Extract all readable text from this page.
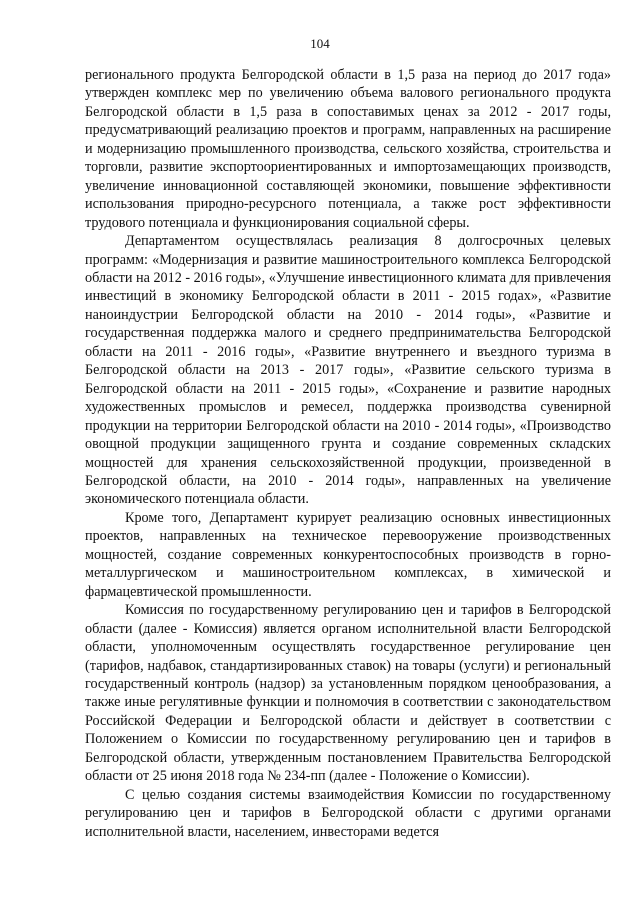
104

регионального продукта Белгородской области в 1,5 раза на период до 2017 года» утвержден комплекс мер по увеличению объема валового регионального продукта Белгородской области в 1,5 раза в сопоставимых ценах за 2012 - 2017 годы, предусматривающий реализацию проектов и программ, направленных на расширение и модернизацию промышленного производства, сельского хозяйства, строительства и торговли, развитие экспортоориентированных и импортозамещающих производств, увеличение инновационной составляющей экономики, повышение эффективности использования природно-ресурсного потенциала, а также рост эффективности трудового потенциала и функционирования социальной сферы.

Департаментом осуществлялась реализация 8 долгосрочных целевых программ: «Модернизация и развитие машиностроительного комплекса Белгородской области на 2012 - 2016 годы», «Улучшение инвестиционного климата для привлечения инвестиций в экономику Белгородской области в 2011 - 2015 годах», «Развитие наноиндустрии Белгородской области на 2010 - 2014 годы», «Развитие и государственная поддержка малого и среднего предпринимательства Белгородской области на 2011 - 2016 годы», «Развитие внутреннего и въездного туризма в Белгородской области на 2013 - 2017 годы», «Развитие сельского туризма в Белгородской области на 2011 - 2015 годы», «Сохранение и развитие народных художественных промыслов и ремесел, поддержка производства сувенирной продукции на территории Белгородской области на 2010 - 2014 годы», «Производство овощной продукции защищенного грунта и создание современных складских мощностей для хранения сельскохозяйственной продукции, произведенной в Белгородской области, на 2010 - 2014 годы», направленных на увеличение экономического потенциала области.

Кроме того, Департамент курирует реализацию основных инвестиционных проектов, направленных на техническое перевооружение производственных мощностей, создание современных конкурентоспособных производств в горно-металлургическом и машиностроительном комплексах, в химической и фармацевтической промышленности.

Комиссия по государственному регулированию цен и тарифов в Белгородской области (далее - Комиссия) является органом исполнительной власти Белгородской области, уполномоченным осуществлять государственное регулирование цен (тарифов, надбавок, стандартизированных ставок) на товары (услуги) и региональный государственный контроль (надзор) за установленным порядком ценообразования, а также иные регулятивные функции и полномочия в соответствии с законодательством Российской Федерации и Белгородской области и действует в соответствии с Положением о Комиссии по государственному регулированию цен и тарифов в Белгородской области, утвержденным постановлением Правительства Белгородской области от 25 июня 2018 года № 234-пп (далее - Положение о Комиссии).

С целью создания системы взаимодействия Комиссии по государственному регулированию цен и тарифов в Белгородской области с другими органами исполнительной власти, населением, инвесторами ведется
